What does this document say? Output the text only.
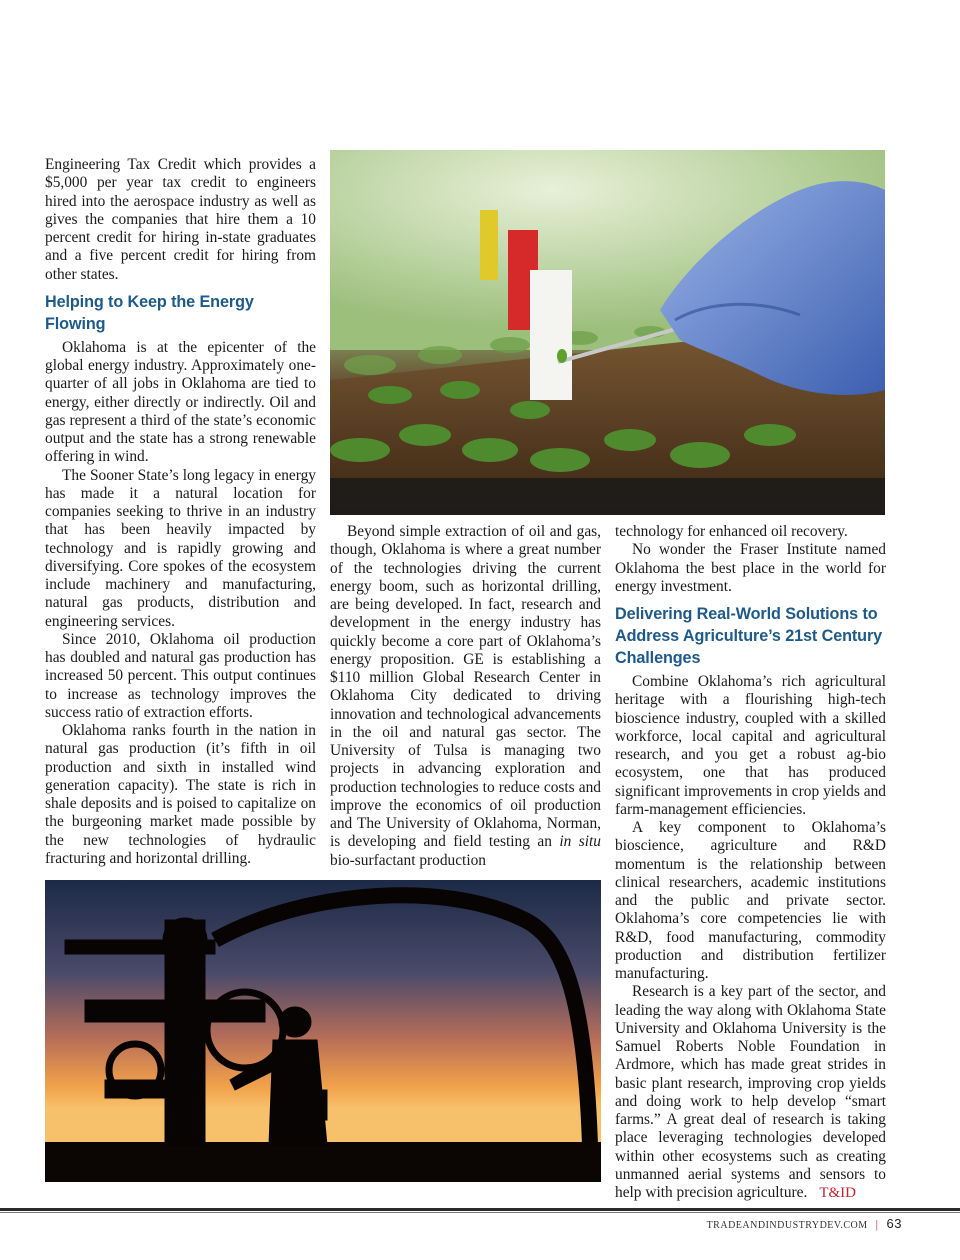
Engineering Tax Credit which provides a $5,000 per year tax credit to engineers hired into the aerospace industry as well as gives the companies that hire them a 10 percent credit for hiring in-state graduates and a five percent credit for hiring from other states.

Helping to Keep the Energy Flowing

Oklahoma is at the epicenter of the global energy industry. Approximately one-quarter of all jobs in Oklahoma are tied to energy, either directly or indirectly. Oil and gas represent a third of the state’s economic output and the state has a strong renewable offering in wind.

The Sooner State’s long legacy in energy has made it a natural location for companies seeking to thrive in an industry that has been heavily impacted by technology and is rapidly growing and diversifying. Core spokes of the ecosystem include machinery and manufacturing, natural gas products, distribution and engineering services.

Since 2010, Oklahoma oil production has doubled and natural gas production has increased 50 percent. This output continues to increase as technology improves the success ratio of extraction efforts.

Oklahoma ranks fourth in the nation in natural gas production (it’s fifth in oil production and sixth in installed wind generation capacity). The state is rich in shale deposits and is poised to capitalize on the burgeoning market made possible by the new technologies of hydraulic fracturing and horizontal drilling.

Beyond simple extraction of oil and gas, though, Oklahoma is where a great number of the technologies driving the current energy boom, such as horizontal drilling, are being developed. In fact, research and development in the energy industry has quickly become a core part of Oklahoma’s energy proposition. GE is establishing a $110 million Global Research Center in Oklahoma City dedicated to driving innovation and technological advancements in the oil and natural gas sector. The University of Tulsa is managing two projects in advancing exploration and production technologies to reduce costs and improve the economics of oil production and The University of Oklahoma, Norman, is developing and field testing an in situ bio-surfactant production

technology for enhanced oil recovery.

No wonder the Fraser Institute named Oklahoma the best place in the world for energy investment.

Delivering Real-World Solutions to Address Agriculture’s 21st Century Challenges

Combine Oklahoma’s rich agricultural heritage with a flourishing high-tech bioscience industry, coupled with a skilled workforce, local capital and agricultural research, and you get a robust ag-bio ecosystem, one that has produced significant improvements in crop yields and farm-management efficiencies.

A key component to Oklahoma’s bioscience, agriculture and R&D momentum is the relationship between clinical researchers, academic institutions and the public and private sector. Oklahoma’s core competencies lie with R&D, food manufacturing, commodity production and distribution fertilizer manufacturing.

Research is a key part of the sector, and leading the way along with Oklahoma State University and Oklahoma University is the Samuel Roberts Noble Foundation in Ardmore, which has made great strides in basic plant research, improving crop yields and doing work to help develop “smart farms.” A great deal of research is taking place leveraging technologies developed within other ecosystems such as creating unmanned aerial systems and sensors to help with precision agriculture. T&ID

TRADEANDINDUSTRYDEV.COM | 63
